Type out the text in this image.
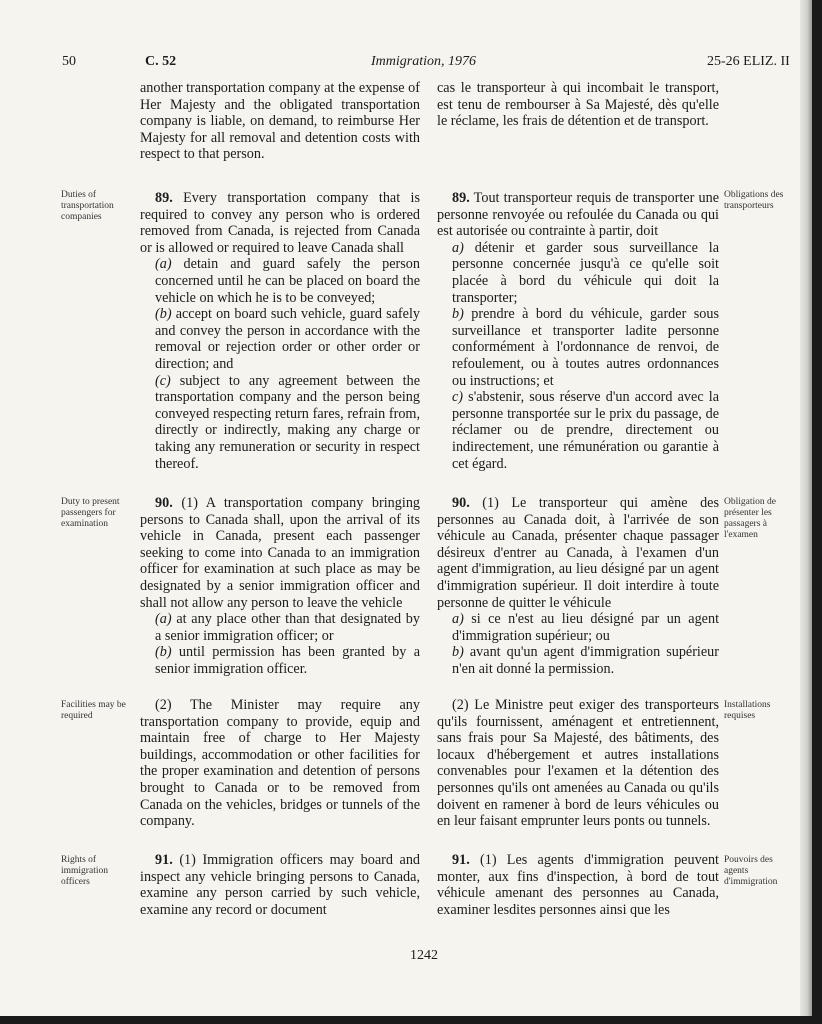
50	C. 52	Immigration, 1976	25-26 ELIZ. II

another transportation company at the expense of Her Majesty and the obligated transportation company is liable, on demand, to reimburse Her Majesty for all removal and detention costs with respect to that person.

cas le transporteur à qui incombait le transport, est tenu de rembourser à Sa Majesté, dès qu'elle le réclame, les frais de détention et de transport.

Duties of transportation companies
Obligations des transporteurs

89. Every transportation company that is required to convey any person who is ordered removed from Canada, is rejected from Canada or is allowed or required to leave Canada shall

(a) detain and guard safely the person concerned until he can be placed on board the vehicle on which he is to be conveyed;

(b) accept on board such vehicle, guard safely and convey the person in accordance with the removal or rejection order or other order or direction; and

(c) subject to any agreement between the transportation company and the person being conveyed respecting return fares, refrain from, directly or indirectly, making any charge or taking any remuneration or security in respect thereof.

89. Tout transporteur requis de transporter une personne renvoyée ou refoulée du Canada ou qui est autorisée ou contrainte à partir, doit

a) détenir et garder sous surveillance la personne concernée jusqu'à ce qu'elle soit placée à bord du véhicule qui doit la transporter;

b) prendre à bord du véhicule, garder sous surveillance et transporter ladite personne conformément à l'ordonnance de renvoi, de refoulement, ou à toutes autres ordonnances ou instructions; et

c) s'abstenir, sous réserve d'un accord avec la personne transportée sur le prix du passage, de réclamer ou de prendre, directement ou indirectement, une rémunération ou garantie à cet égard.

Duty to present passengers for examination
Obligation de présenter les passagers à l'examen

90. (1) A transportation company bringing persons to Canada shall, upon the arrival of its vehicle in Canada, present each passenger seeking to come into Canada to an immigration officer for examination at such place as may be designated by a senior immigration officer and shall not allow any person to leave the vehicle

(a) at any place other than that designated by a senior immigration officer; or

(b) until permission has been granted by a senior immigration officer.

90. (1) Le transporteur qui amène des personnes au Canada doit, à l'arrivée de son véhicule au Canada, présenter chaque passager désireux d'entrer au Canada, à l'examen d'un agent d'immigration, au lieu désigné par un agent d'immigration supérieur. Il doit interdire à toute personne de quitter le véhicule

a) si ce n'est au lieu désigné par un agent d'immigration supérieur; ou

b) avant qu'un agent d'immigration supérieur n'en ait donné la permission.

Facilities may be required
Installations requises

(2) The Minister may require any transportation company to provide, equip and maintain free of charge to Her Majesty buildings, accommodation or other facilities for the proper examination and detention of persons brought to Canada or to be removed from Canada on the vehicles, bridges or tunnels of the company.

(2) Le Ministre peut exiger des transporteurs qu'ils fournissent, aménagent et entretiennent, sans frais pour Sa Majesté, des bâtiments, des locaux d'hébergement et autres installations convenables pour l'examen et la détention des personnes qu'ils ont amenées au Canada ou qu'ils doivent en ramener à bord de leurs véhicules ou en leur faisant emprunter leurs ponts ou tunnels.

Rights of immigration officers
Pouvoirs des agents d'immigration

91. (1) Immigration officers may board and inspect any vehicle bringing persons to Canada, examine any person carried by such vehicle, examine any record or document

91. (1) Les agents d'immigration peuvent monter, aux fins d'inspection, à bord de tout véhicule amenant des personnes au Canada, examiner lesdites personnes ainsi que les

1242
